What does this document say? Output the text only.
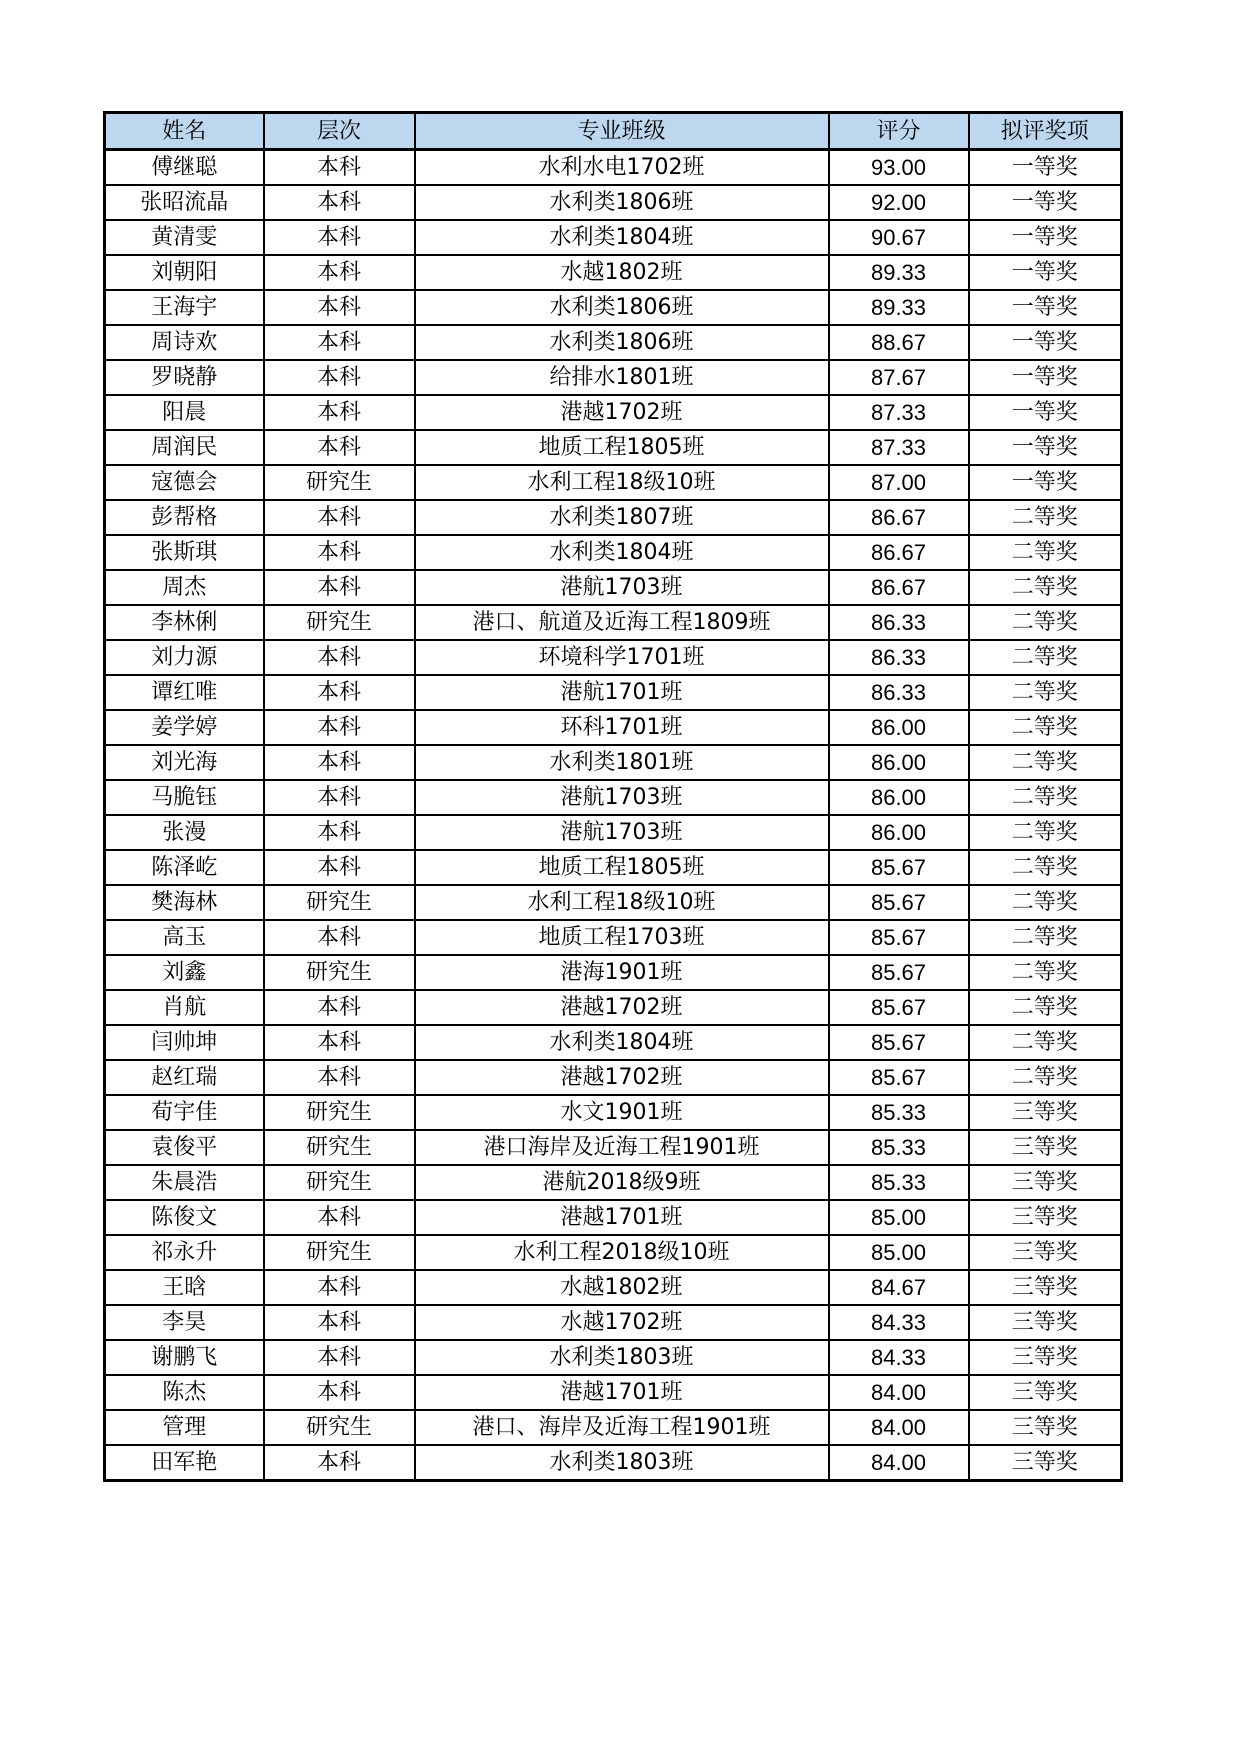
姓名	层次	专业班级	评分	拟评奖项
傅继聪	本科	水利水电1702班	93.00	一等奖
张昭流晶	本科	水利类1806班	92.00	一等奖
黄清雯	本科	水利类1804班	90.67	一等奖
刘朝阳	本科	水越1802班	89.33	一等奖
王海宇	本科	水利类1806班	89.33	一等奖
周诗欢	本科	水利类1806班	88.67	一等奖
罗晓静	本科	给排水1801班	87.67	一等奖
阳晨	本科	港越1702班	87.33	一等奖
周润民	本科	地质工程1805班	87.33	一等奖
寇德会	研究生	水利工程18级10班	87.00	一等奖
彭帮格	本科	水利类1807班	86.67	二等奖
张斯琪	本科	水利类1804班	86.67	二等奖
周杰	本科	港航1703班	86.67	二等奖
李林俐	研究生	港口、航道及近海工程1809班	86.33	二等奖
刘力源	本科	环境科学1701班	86.33	二等奖
谭红唯	本科	港航1701班	86.33	二等奖
姜学婷	本科	环科1701班	86.00	二等奖
刘光海	本科	水利类1801班	86.00	二等奖
马脆钰	本科	港航1703班	86.00	二等奖
张漫	本科	港航1703班	86.00	二等奖
陈泽屹	本科	地质工程1805班	85.67	二等奖
樊海林	研究生	水利工程18级10班	85.67	二等奖
高玉	本科	地质工程1703班	85.67	二等奖
刘鑫	研究生	港海1901班	85.67	二等奖
肖航	本科	港越1702班	85.67	二等奖
闫帅坤	本科	水利类1804班	85.67	二等奖
赵红瑞	本科	港越1702班	85.67	二等奖
荀宇佳	研究生	水文1901班	85.33	三等奖
袁俊平	研究生	港口海岸及近海工程1901班	85.33	三等奖
朱晨浩	研究生	港航2018级9班	85.33	三等奖
陈俊文	本科	港越1701班	85.00	三等奖
祁永升	研究生	水利工程2018级10班	85.00	三等奖
王晗	本科	水越1802班	84.67	三等奖
李昊	本科	水越1702班	84.33	三等奖
谢鹏飞	本科	水利类1803班	84.33	三等奖
陈杰	本科	港越1701班	84.00	三等奖
管理	研究生	港口、海岸及近海工程1901班	84.00	三等奖
田军艳	本科	水利类1803班	84.00	三等奖
